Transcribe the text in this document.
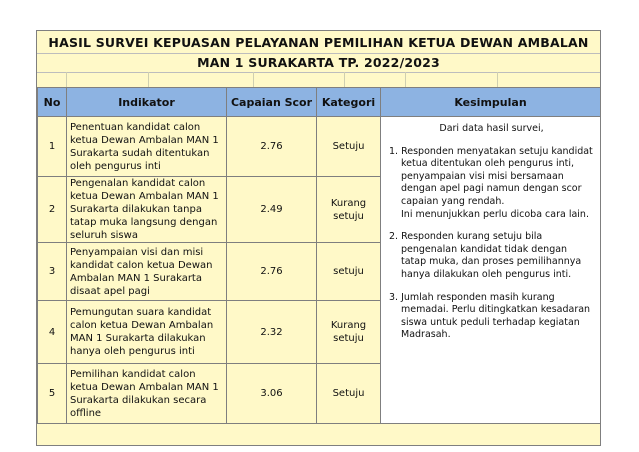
HASIL SURVEI KEPUASAN PELAYANAN PEMILIHAN KETUA DEWAN AMBALAN
MAN 1 SURAKARTA TP. 2022/2023
No	Indikator	Capaian Scor	Kategori	Kesimpulan
1	Penentuan kandidat calon ketua Dewan Ambalan MAN 1 Surakarta sudah ditentukan oleh pengurus inti	2.76	Setuju	Dari data hasil survei,
1. Responden menyatakan setuju kandidat ketua ditentukan oleh pengurus inti, penyampaian visi misi bersamaan dengan apel pagi namun dengan scor capaian yang rendah.
Ini menunjukkan perlu dicoba cara lain.
2. Responden kurang setuju bila pengenalan kandidat tidak dengan tatap muka, dan proses pemilihannya hanya dilakukan oleh pengurus inti.
3. Jumlah responden masih kurang memadai. Perlu ditingkatkan kesadaran siswa untuk peduli terhadap kegiatan Madrasah.

2	Pengenalan kandidat calon ketua Dewan Ambalan MAN 1 Surakarta dilakukan tanpa tatap muka langsung dengan seluruh siswa	2.49	Kurang setuju	
3	Penyampaian visi dan misi kandidat calon ketua Dewan Ambalan MAN 1 Surakarta disaat apel pagi	2.76	setuju	
4	Pemungutan suara kandidat calon ketua Dewan Ambalan MAN 1 Surakarta dilakukan hanya oleh pengurus inti	2.32	Kurang setuju	
5	Pemilihan kandidat calon ketua Dewan Ambalan MAN 1 Surakarta dilakukan secara offline	3.06	Setuju	
